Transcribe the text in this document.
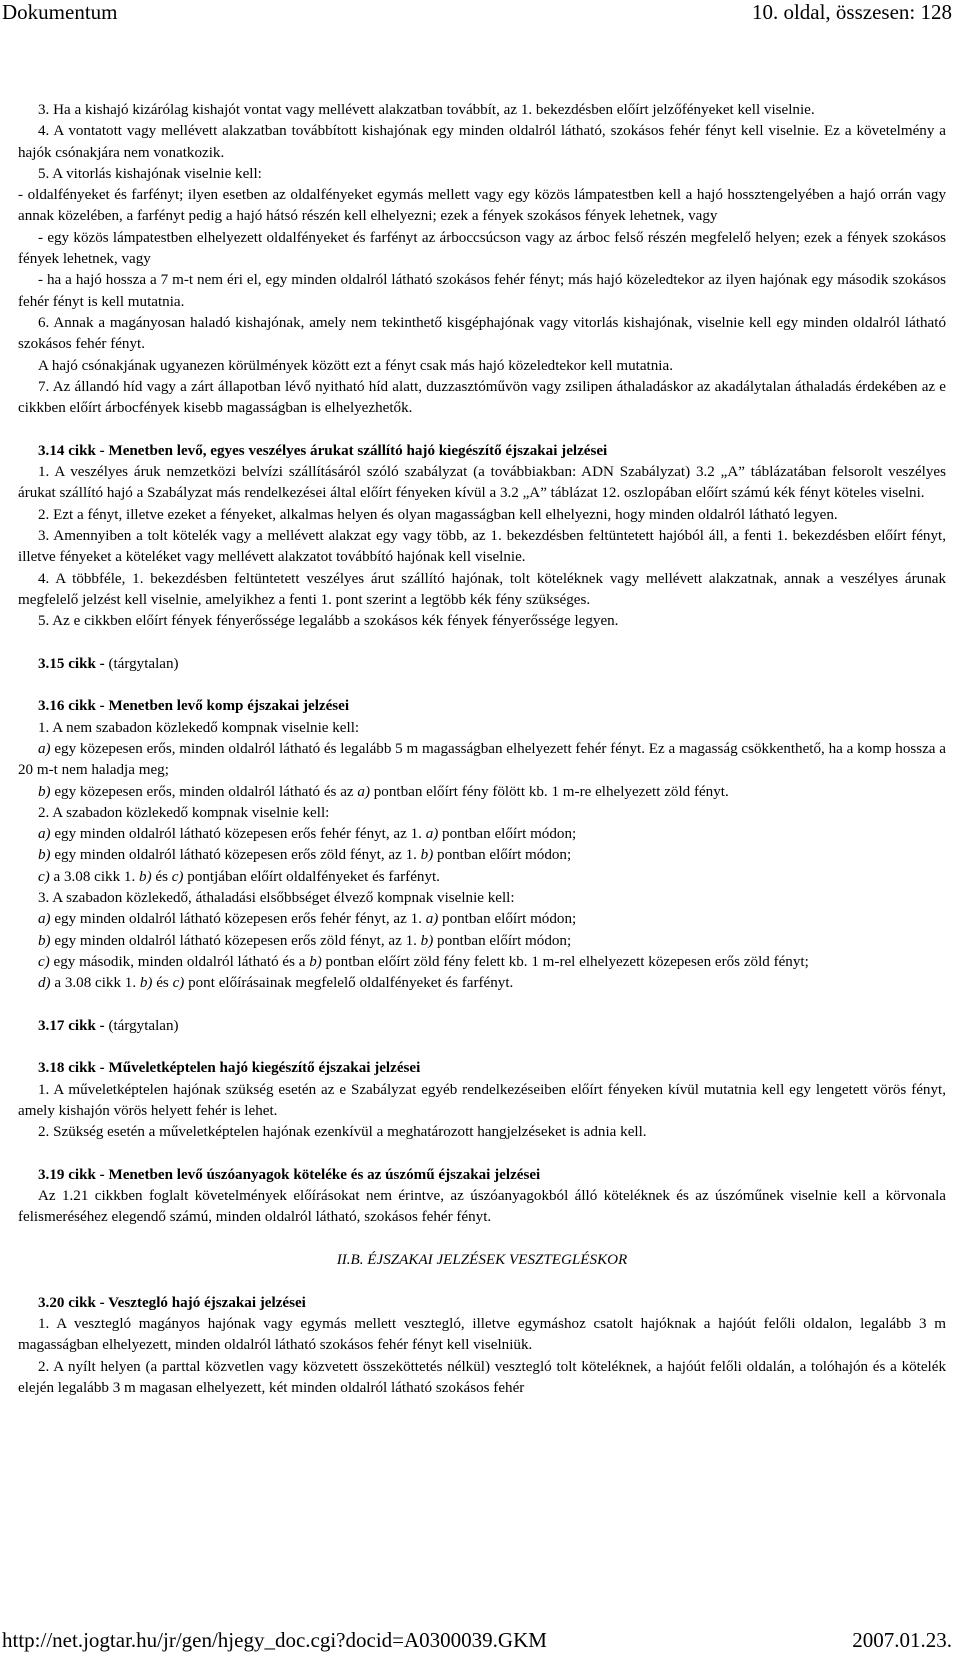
Dokumentum	10. oldal, összesen: 128

3. Ha a kishajó kizárólag kishajót vontat vagy mellévett alakzatban továbbít, az 1. bekezdésben előírt jelzőfényeket kell viselnie.

4. A vontatott vagy mellévett alakzatban továbbított kishajónak egy minden oldalról látható, szokásos fehér fényt kell viselnie. Ez a követelmény a hajók csónakjára nem vonatkozik.

5. A vitorlás kishajónak viselnie kell:

- oldalfényeket és farfényt; ilyen esetben az oldalfényeket egymás mellett vagy egy közös lámpatestben kell a hajó hossztengelyében a hajó orrán vagy annak közelében, a farfényt pedig a hajó hátsó részén kell elhelyezni; ezek a fények szokásos fények lehetnek, vagy

- egy közös lámpatestben elhelyezett oldalfényeket és farfényt az árboccsúcson vagy az árboc felső részén megfelelő helyen; ezek a fények szokásos fények lehetnek, vagy

- ha a hajó hossza a 7 m-t nem éri el, egy minden oldalról látható szokásos fehér fényt; más hajó közeledtekor az ilyen hajónak egy második szokásos fehér fényt is kell mutatnia.

6. Annak a magányosan haladó kishajónak, amely nem tekinthető kisgéphajónak vagy vitorlás kishajónak, viselnie kell egy minden oldalról látható szokásos fehér fényt.

A hajó csónakjának ugyanezen körülmények között ezt a fényt csak más hajó közeledtekor kell mutatnia.

7. Az állandó híd vagy a zárt állapotban lévő nyitható híd alatt, duzzasztóművön vagy zsilipen áthaladáskor az akadálytalan áthaladás érdekében az e cikkben előírt árbocfények kisebb magasságban is elhelyezhetők.

3.14 cikk - Menetben levő, egyes veszélyes árukat szállító hajó kiegészítő éjszakai jelzései

1. A veszélyes áruk nemzetközi belvízi szállításáról szóló szabályzat (a továbbiakban: ADN Szabályzat) 3.2 „A” táblázatában felsorolt veszélyes árukat szállító hajó a Szabályzat más rendelkezései által előírt fényeken kívül a 3.2 „A” táblázat 12. oszlopában előírt számú kék fényt köteles viselni.

2. Ezt a fényt, illetve ezeket a fényeket, alkalmas helyen és olyan magasságban kell elhelyezni, hogy minden oldalról látható legyen.

3. Amennyiben a tolt kötelék vagy a mellévett alakzat egy vagy több, az 1. bekezdésben feltüntetett hajóból áll, a fenti 1. bekezdésben előírt fényt, illetve fényeket a köteléket vagy mellévett alakzatot továbbító hajónak kell viselnie.

4. A többféle, 1. bekezdésben feltüntetett veszélyes árut szállító hajónak, tolt köteléknek vagy mellévett alakzatnak, annak a veszélyes árunak megfelelő jelzést kell viselnie, amelyikhez a fenti 1. pont szerint a legtöbb kék fény szükséges.

5. Az e cikkben előírt fények fényerőssége legalább a szokásos kék fények fényerőssége legyen.

3.15 cikk - (tárgytalan)
3.16 cikk - Menetben levő komp éjszakai jelzései

1. A nem szabadon közlekedő kompnak viselnie kell:

a) egy közepesen erős, minden oldalról látható és legalább 5 m magasságban elhelyezett fehér fényt. Ez a magasság csökkenthető, ha a komp hossza a 20 m-t nem haladja meg;

b) egy közepesen erős, minden oldalról látható és az a) pontban előírt fény fölött kb. 1 m-re elhelyezett zöld fényt.

2. A szabadon közlekedő kompnak viselnie kell:

a) egy minden oldalról látható közepesen erős fehér fényt, az 1. a) pontban előírt módon;

b) egy minden oldalról látható közepesen erős zöld fényt, az 1. b) pontban előírt módon;

c) a 3.08 cikk 1. b) és c) pontjában előírt oldalfényeket és farfényt.

3. A szabadon közlekedő, áthaladási elsőbbséget élvező kompnak viselnie kell:

a) egy minden oldalról látható közepesen erős fehér fényt, az 1. a) pontban előírt módon;

b) egy minden oldalról látható közepesen erős zöld fényt, az 1. b) pontban előírt módon;

c) egy második, minden oldalról látható és a b) pontban előírt zöld fény felett kb. 1 m-rel elhelyezett közepesen erős zöld fényt;

d) a 3.08 cikk 1. b) és c) pont előírásainak megfelelő oldalfényeket és farfényt.

3.17 cikk - (tárgytalan)
3.18 cikk - Műveletképtelen hajó kiegészítő éjszakai jelzései

1. A műveletképtelen hajónak szükség esetén az e Szabályzat egyéb rendelkezéseiben előírt fényeken kívül mutatnia kell egy lengetett vörös fényt, amely kishajón vörös helyett fehér is lehet.

2. Szükség esetén a műveletképtelen hajónak ezenkívül a meghatározott hangjelzéseket is adnia kell.

3.19 cikk - Menetben levő úszóanyagok köteléke és az úszómű éjszakai jelzései

Az 1.21 cikkben foglalt követelmények előírásokat nem érintve, az úszóanyagokból álló köteléknek és az úszóműnek viselnie kell a körvonala felismeréséhez elegendő számú, minden oldalról látható, szokásos fehér fényt.

II.B. ÉJSZAKAI JELZÉSEK VESZTEGLÉSKOR

3.20 cikk - Vesztegló hajó éjszakai jelzései

1. A vesztegló magányos hajónak vagy egymás mellett vesztegló, illetve egymáshoz csatolt hajóknak a hajóút felőli oldalon, legalább 3 m magasságban elhelyezett, minden oldalról látható szokásos fehér fényt kell viselniük.

2. A nyílt helyen (a parttal közvetlen vagy közvetett összeköttetés nélkül) vesztegló tolt köteléknek, a hajóút felőli oldalán, a tolóhajón és a kötelék elején legalább 3 m magasan elhelyezett, két minden oldalról látható szokásos fehér

http://net.jogtar.hu/jr/gen/hjegy_doc.cgi?docid=A0300039.GKM	2007.01.23.
